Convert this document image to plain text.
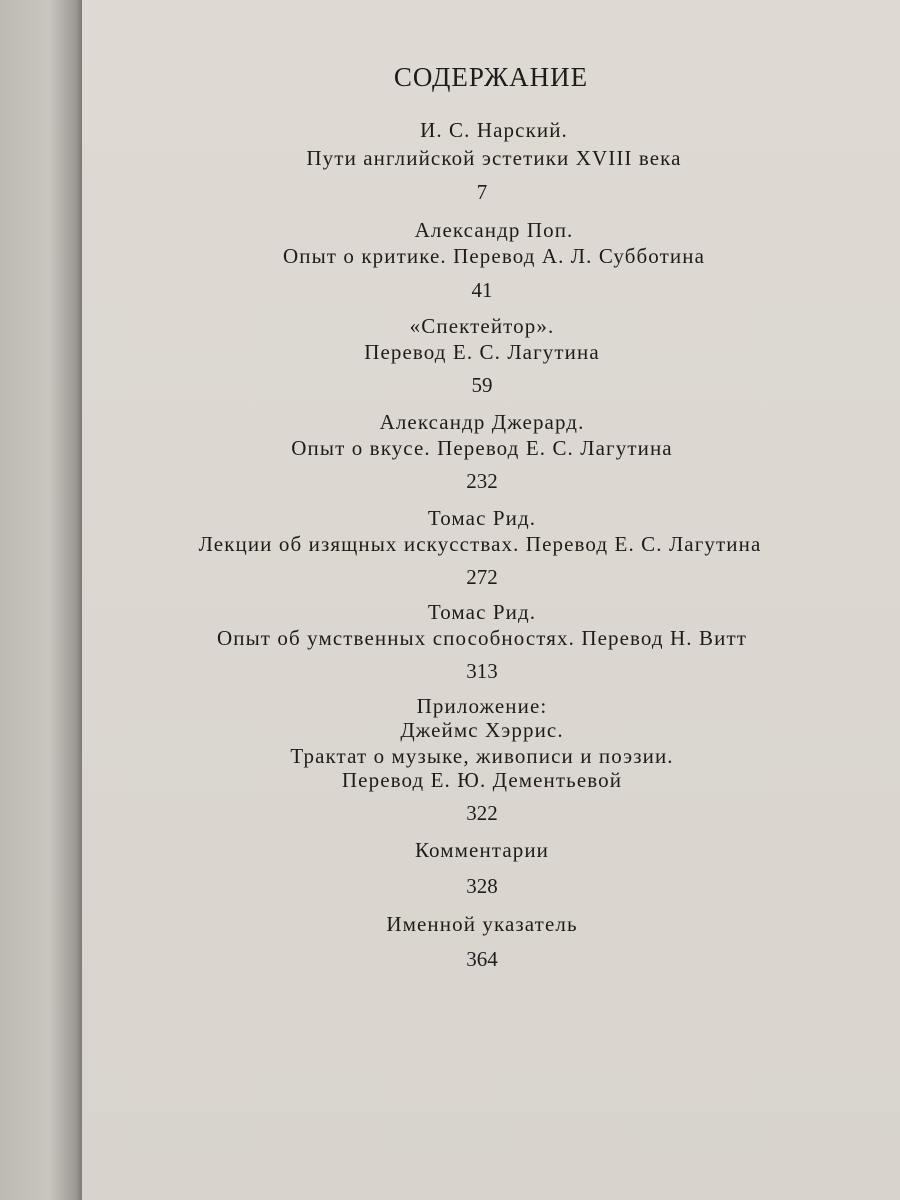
СОДЕРЖАНИЕ
И. С. Нарский.
Пути английской эстетики XVIII века
7
Александр Поп.
Опыт о критике. Перевод А. Л. Субботина
41
«Спектейтор».
Перевод Е. С. Лагутина
59
Александр Джерард.
Опыт о вкусе. Перевод Е. С. Лагутина
232
Томас Рид.
Лекции об изящных искусствах. Перевод Е. С. Лагутина
272
Томас Рид.
Опыт об умственных способностях. Перевод Н. Витт
313
Приложение:
Джеймс Хэррис.
Трактат о музыке, живописи и поэзии.
Перевод Е. Ю. Дементьевой
322
Комментарии
328
Именной указатель
364
